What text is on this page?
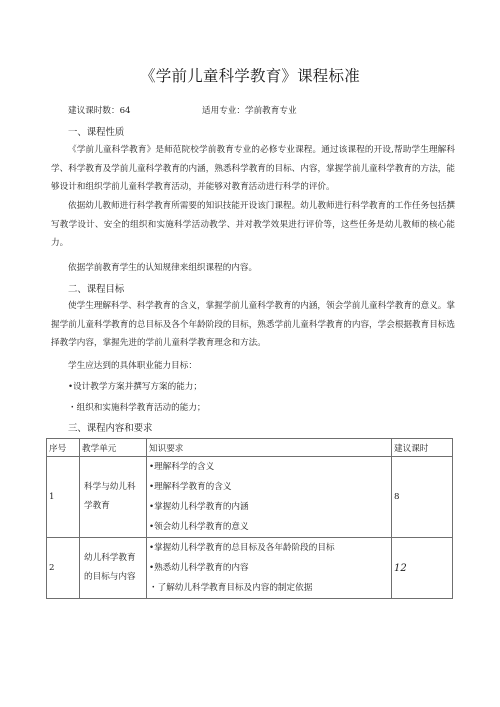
《学前儿童科学教育》课程标准
建议课时数：64	适用专业：学前教育专业
一、课程性质

《学前儿童科学教育》是师范院校学前教育专业的必修专业课程。通过该课程的开设,帮助学生理解科学、科学教育及学前儿童科学教育的内涵，熟悉科学教育的目标、内容，掌握学前儿童科学教育的方法，能够设计和组织学前儿童科学教育活动，并能够对教育活动进行科学的评价。

依据幼儿教师进行科学教育所需要的知识技能开设该门课程。幼儿教师进行科学教育的工作任务包括撰写教学设计、安全的组织和实施科学活动教学、并对教学效果进行评价等，这些任务是幼儿教师的核心能力。

依据学前教育学生的认知规律来组织课程的内容。

二、课程目标

使学生理解科学、科学教育的含义，掌握学前儿童科学教育的内涵，领会学前儿童科学教育的意义。掌握学前儿童科学教育的总目标及各个年龄阶段的目标，熟悉学前儿童科学教育的内容，学会根据教育目标选择教学内容，掌握先进的学前儿童科学教育理念和方法。

学生应达到的具体职业能力目标：
•设计教学方案并撰写方案的能力；
・组织和实施科学教育活动的能力；
三、课程内容和要求
序号	教学单元	知识要求	建议课时
1	科学与幼儿科学教育	•理解科学的含义
•理解科学教育的含义
•掌握幼儿科学教育的内涵
•领会幼儿科学教育的意义	8
2	幼儿科学教育的目标与内容	•掌握幼儿科学教育的总目标及各年龄阶段的目标
•熟悉幼儿科学教育的内容
・了解幼儿科学教育目标及内容的制定依据	12
